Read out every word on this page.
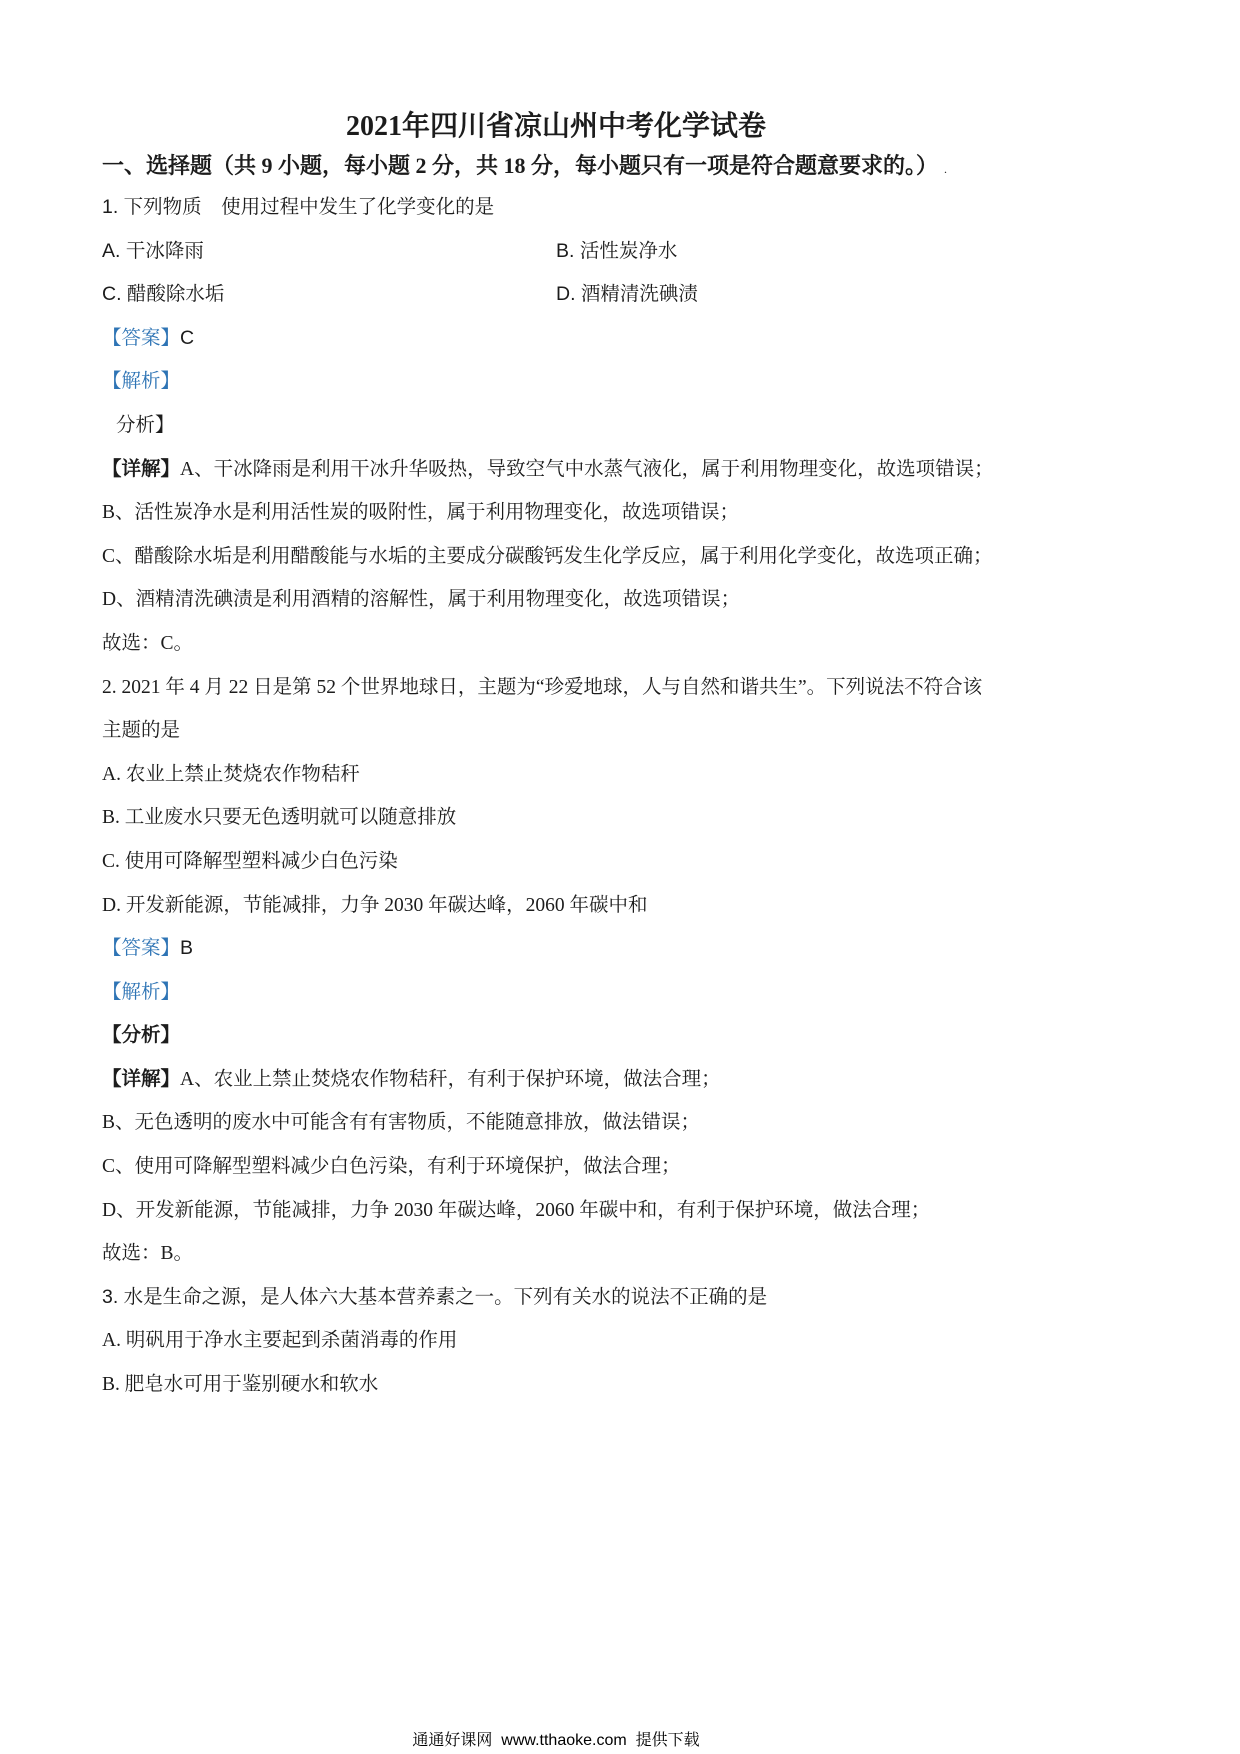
2021年四川省凉山州中考化学试卷
一、选择题（共 9 小题，每小题 2 分，共 18 分，每小题只有一项是符合题意要求的。） .
1. 下列物质　使用过程中发生了化学变化的是
A. 干冰降雨	B. 活性炭净水
C. 醋酸除水垢	D. 酒精清洗碘渍
【答案】C
【解析】
分析】
【详解】A、干冰降雨是利用干冰升华吸热，导致空气中水蒸气液化，属于利用物理变化，故选项错误；
B、活性炭净水是利用活性炭的吸附性，属于利用物理变化，故选项错误；
C、醋酸除水垢是利用醋酸能与水垢的主要成分碳酸钙发生化学反应，属于利用化学变化，故选项正确；
D、酒精清洗碘渍是利用酒精的溶解性，属于利用物理变化，故选项错误；
故选：C。
2. 2021 年 4 月 22 日是第 52 个世界地球日，主题为“珍爱地球，人与自然和谐共生”。下列说法不符合该
主题的是
A. 农业上禁止焚烧农作物秸秆
B. 工业废水只要无色透明就可以随意排放
C. 使用可降解型塑料减少白色污染
D. 开发新能源，节能减排，力争 2030 年碳达峰，2060 年碳中和
【答案】B
【解析】
【分析】
【详解】A、农业上禁止焚烧农作物秸秆，有利于保护环境，做法合理；
B、无色透明的废水中可能含有有害物质，不能随意排放，做法错误；
C、使用可降解型塑料减少白色污染，有利于环境保护，做法合理；
D、开发新能源，节能减排，力争 2030 年碳达峰，2060 年碳中和，有利于保护环境，做法合理；
故选：B。
3. 水是生命之源，是人体六大基本营养素之一。下列有关水的说法不正确的是
A. 明矾用于净水主要起到杀菌消毒的作用
B. 肥皂水可用于鉴别硬水和软水
通通好课网  www.tthaoke.com  提供下载
